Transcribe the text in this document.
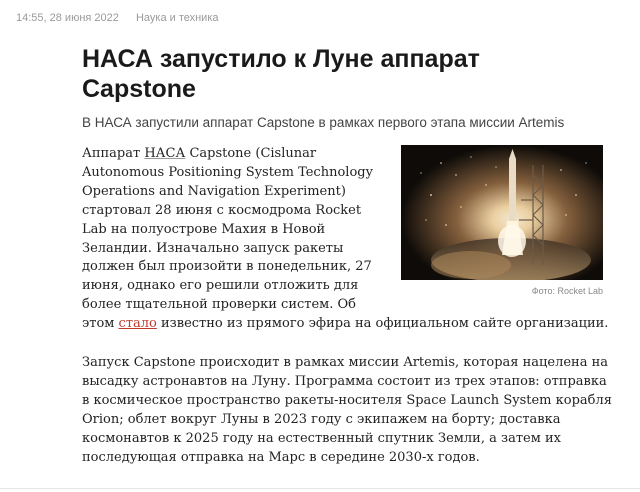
14:55, 28 июня 2022 Наука и техника
НАСА запустило к Луне аппарат
Capstone

В НАСА запустили аппарат Capstone в рамках первого этапа миссии Artemis

Фото: Rocket Lab

Аппарат НАСА Capstone (Cislunar
Autonomous Positioning System Technology
Operations and Navigation Experiment)
стартовал 28 июня с космодрома Rocket
Lab на полуострове Махия в Новой
Зеландии. Изначально запуск ракеты
должен был произойти в понедельник, 27
июня, однако его решили отложить для
более тщательной проверки систем. Об
этом стало известно из прямого эфира на официальном сайте организации.

Запуск Capstone происходит в рамках миссии Artemis, которая нацелена на
высадку астронавтов на Луну. Программа состоит из трех этапов: отправка
в космическое пространство ракеты-носителя Space Launch System корабля
Orion; облет вокруг Луны в 2023 году с экипажем на борту; доставка
космонавтов к 2025 году на естественный спутник Земли, а затем их
последующая отправка на Марс в середине 2030-х годов.
